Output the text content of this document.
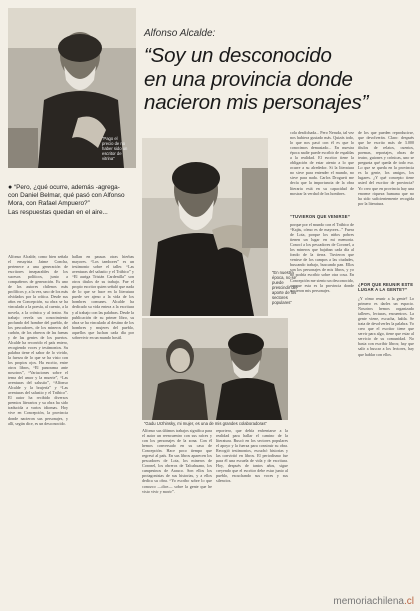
“Pago el precio de no haber sido un escritor de vitrina”
Alfonso Alcalde:
“Soy un desconocido
en una provincia donde
nacieron mis personajes”
● “Pero, ¿qué ocurre, además -agrega-
con Daniel Belmar, qué pasó con Alfonso
Mora, con Rafael Ampuero?”
Las respuestas quedan en el aire...
“En nuestra época, no se puede prescindir del aporte de los sectores populares”
“Gadu Urzhinsky, mi mujer, es una de mis grandes colaboradoras”

Alfonso Alcalde, como bien señala el ensayista Jaime Concha, pertenece a una generación de escritores inseparables de los sucesos políticos, junto a compañeros de generación. Es uno de los autores chilenos más prolíficos y, a la vez, uno de los más olvidados por la crítica. Desde sus años en Concepción, su obra se ha vinculado a la poesía, al cuento, a la novela, a la crónica y al teatro. Su trabajo revela un conocimiento profundo del hombre del pueblo, de los pescadores, de los mineros del carbón, de los obreros de las faenas y de las gentes de los puertos. Alcalde ha recorrido el país entero, recogiendo voces y testimonios. Su palabra tiene el sabor de lo vivido, la fuerza de lo que se ha visto con los propios ojos. Ha escrito, entre otros libros, “El panorama ante nosotros”, “Variaciones sobre el tema del amor y la muerte”, “Las aventuras del salustio”, “Alfonso Alcalde y la brujería” y “Las aventuras del salustio y el Trúbico”. El autor ha recibido diversos premios literarios y su obra ha sido traducida a varios idiomas. Hoy vive en Concepción, la provincia donde nacieron sus personajes, y allí, según dice, es un desconocido.

hallan en pausas otras hierbas mayores. “Los tambores” es un testimonio sobre el taller. “Las aventuras del salustio y el Trúbico” y “El auriga Tristán Cardenilla” son otros títulos de su trabajo. Fue el propio escritor quien señaló que nada de lo que se hace en la literatura puede ser ajeno a la vida de los hombres comunes. Alcalde ha dedicado su vida entera a la escritura y al trabajo con las palabras. Desde la publicación de su primer libro, su obra se ha vinculado al destino de los hombres y mujeres del pueblo, aquellos que luchan cada día por sobrevivir en un mundo hostil.

Alfonso sus últimos trabajos significa para el autor un reencuentro con sus raíces y con los personajes de la zona. Con él hemos conversado en su casa de Concepción. Hace poco tiempo que regresó al país. En sus libros aparecen los pescadores de Lota, los mineros de Coronel, los obreros de Talcahuano, los campesinos de Arauco. Son ellos los protagonistas de sus historias, y a ellos dedica su obra. “Yo escribo sobre lo que conozco —dice— sobre la gente que he visto vivir y morir”.

reportero, que debía enfrentarse a la realidad para hallar el camino de la literatura. Buscó en los sectores populares el apoyo y la fuerza para construir su obra. Recogió testimonios, escuchó historias y las convirtió en libros. El periodismo fue para él una escuela de vida y de escritura. Hoy, después de tantos años, sigue creyendo que el escritor debe estar junto al pueblo, escuchando sus voces y sus silencios.

cola desdichada... Pero Neruda, tal vez nos hubiera gustado más. Quizás todo, lo que nos pasó con él es que lo conocimos demasiado... En nuestra época nadie puede escribir de espaldas a la realidad. El escritor tiene la obligación de estar atento a lo que ocurre a su alrededor. Si la literatura no sirve para entender el mundo, no sirve para nada. Carlos Droguett me decía que la importancia de la obra literaria está en su capacidad de mostrar la verdad de los hombres.

“TUVIERON QUE VENIRSE”

porque por el mundo con el Trúbico de “Kajás, cómo es de mayores...” Fuera de Lota, porque los niños pobres tienen un lugar en mi memoria. Conocí a los pescadores de Coronel, a los mineros que bajaban cada día al fondo de la tierra. Tuvieron que venirse de los campos a las ciudades, buscando trabajo, buscando pan. Ellos son los personajes de mis libros, y yo no podría escribir sobre otra cosa. En Concepción me siento un desconocido, aunque esta es la provincia donde nacieron mis personajes.

de los que pueden reproducirse, que devolverán. Claro: después que he escrito más de 3.000 títulos de relatos, cuentos, poemas, reportajes, obras de teatro, guiones y crónicas, uno se pregunta qué queda de todo eso. Lo que se queda en la provincia es la gente, los amigos, los lugares. ¿Y qué concepto tiene usted del escritor de provincia? Yo creo que en provincia hay una enorme riqueza humana que no ha sido suficientemente recogida por la literatura.

¿POR QUE REUNIR ESTE LUGAR A LA GENTE?”

¿Y cómo reunir a la gente? Lo primero es darles un espacio. Nosotros hemos organizado talleres, lecturas, encuentros. La gente viene, escucha, habla. Se trata de devolverles la palabra. Yo creo que el escritor tiene que servir para algo, tiene que estar al servicio de su comunidad. No basta con escribir libros; hay que salir a buscar a los lectores, hay que hablar con ellos.

memoriachilena.cl
